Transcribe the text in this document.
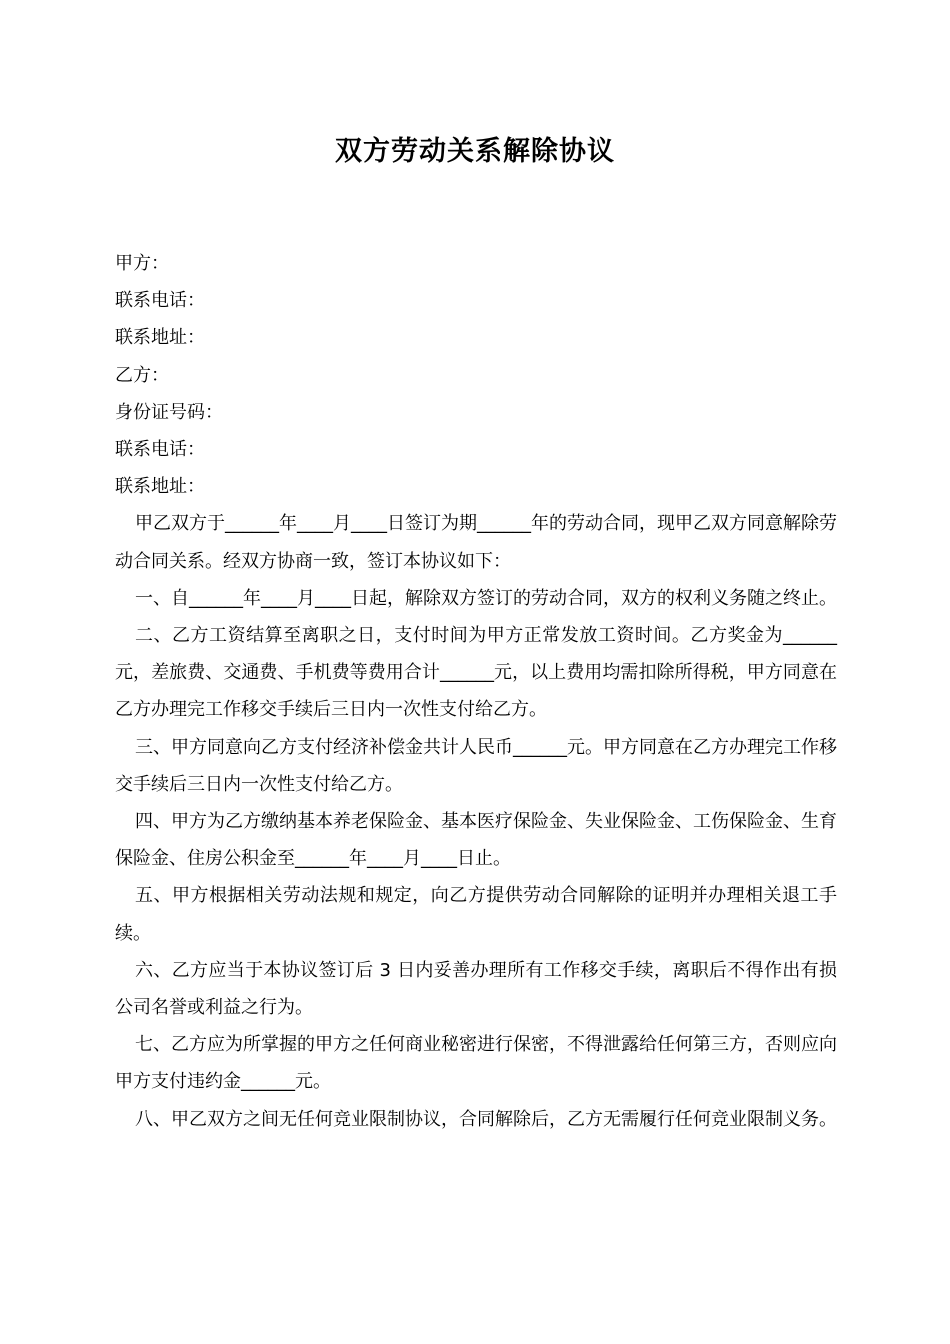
双方劳动关系解除协议

甲方：

联系电话：

联系地址：

乙方：

身份证号码：

联系电话：

联系地址：

甲乙双方于______年____月____日签订为期______年的劳动合同，现甲乙双方同意解除劳动合同关系。经双方协商一致，签订本协议如下：

一、自______年____月____日起，解除双方签订的劳动合同，双方的权利义务随之终止。

二、乙方工资结算至离职之日，支付时间为甲方正常发放工资时间。乙方奖金为______元，差旅费、交通费、手机费等费用合计______元，以上费用均需扣除所得税，甲方同意在乙方办理完工作移交手续后三日内一次性支付给乙方。

三、甲方同意向乙方支付经济补偿金共计人民币______元。甲方同意在乙方办理完工作移交手续后三日内一次性支付给乙方。

四、甲方为乙方缴纳基本养老保险金、基本医疗保险金、失业保险金、工伤保险金、生育保险金、住房公积金至______年____月____日止。

五、甲方根据相关劳动法规和规定，向乙方提供劳动合同解除的证明并办理相关退工手续。

六、乙方应当于本协议签订后 3 日内妥善办理所有工作移交手续，离职后不得作出有损公司名誉或利益之行为。

七、乙方应为所掌握的甲方之任何商业秘密进行保密，不得泄露给任何第三方，否则应向甲方支付违约金______元。

八、甲乙双方之间无任何竞业限制协议，合同解除后，乙方无需履行任何竞业限制义务。
